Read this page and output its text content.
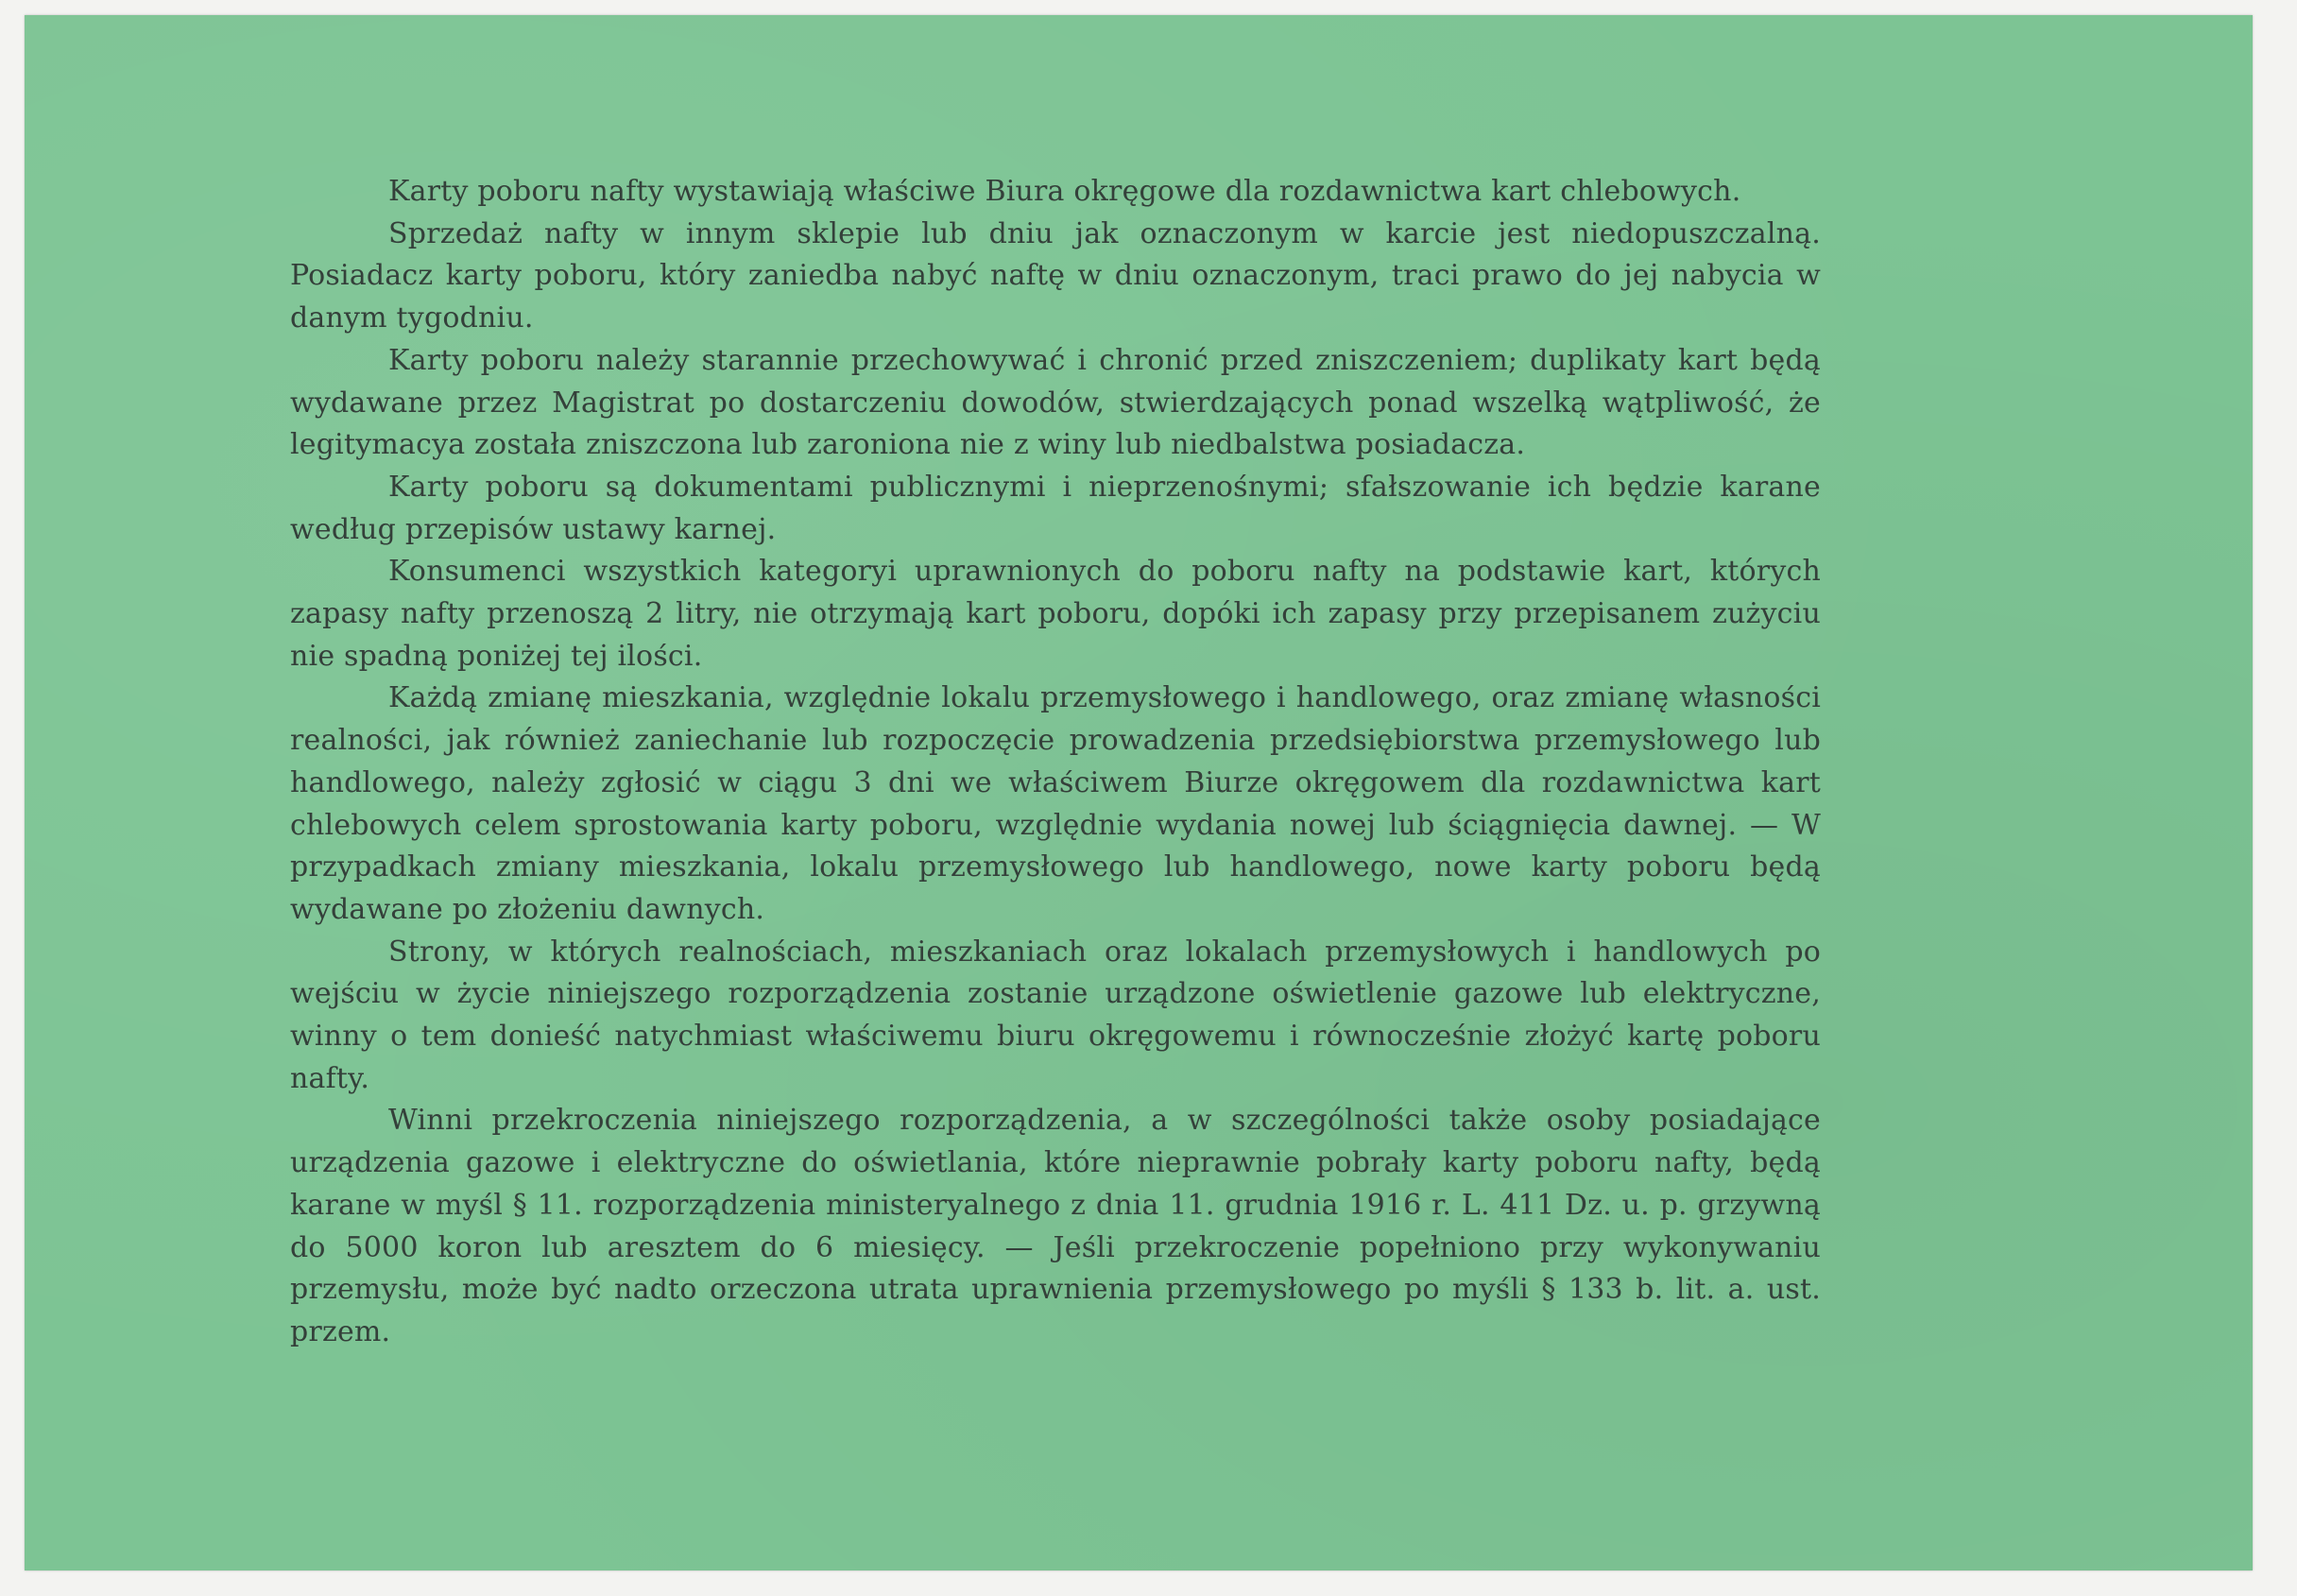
Karty poboru nafty wystawiają właściwe Biura okręgowe dla rozdawnictwa kart chlebowych.

Sprzedaż nafty w innym sklepie lub dniu jak oznaczonym w karcie jest niedopuszczalną. Posiadacz karty poboru, który zaniedba nabyć naftę w dniu oznaczonym, traci prawo do jej nabycia w danym tygodniu.

Karty poboru należy starannie przechowywać i chronić przed zniszczeniem; duplikaty kart będą wydawane przez Magistrat po dostarczeniu dowodów, stwierdzających ponad wszelką wątpliwość, że legitymacya została zniszczona lub zaroniona nie z winy lub niedbalstwa posiadacza.

Karty poboru są dokumentami publicznymi i nieprzenośnymi; sfałszowanie ich będzie karane według przepisów ustawy karnej.

Konsumenci wszystkich kategoryi uprawnionych do poboru nafty na podstawie kart, których zapasy nafty przenoszą 2 litry, nie otrzymają kart poboru, dopóki ich zapasy przy przepisanem zużyciu nie spadną poniżej tej ilości.

Każdą zmianę mieszkania, względnie lokalu przemysłowego i handlowego, oraz zmianę własności realności, jak również zaniechanie lub rozpoczęcie prowadzenia przedsiębiorstwa przemysłowego lub handlowego, należy zgłosić w ciągu 3 dni we właściwem Biurze okręgowem dla rozdawnictwa kart chlebowych celem sprostowania karty poboru, względnie wydania nowej lub ściągnięcia dawnej. — W przypadkach zmiany mieszkania, lokalu przemysłowego lub handlowego, nowe karty poboru będą wydawane po złożeniu dawnych.

Strony, w których realnościach, mieszkaniach oraz lokalach przemysłowych i handlowych po wejściu w życie niniejszego rozporządzenia zostanie urządzone oświetlenie gazowe lub elektryczne, winny o tem donieść natychmiast właściwemu biuru okręgowemu i równocześnie złożyć kartę poboru nafty.

Winni przekroczenia niniejszego rozporządzenia, a w szczególności także osoby posiadające urządzenia gazowe i elektryczne do oświetlania, które nieprawnie pobrały karty poboru nafty, będą karane w myśl § 11. rozporządzenia ministeryalnego z dnia 11. grudnia 1916 r. L. 411 Dz. u. p. grzywną do 5000 koron lub aresztem do 6 miesięcy. — Jeśli przekroczenie popełniono przy wykonywaniu przemysłu, może być nadto orzeczona utrata uprawnienia przemysłowego po myśli § 133 b. lit. a. ust. przem.
